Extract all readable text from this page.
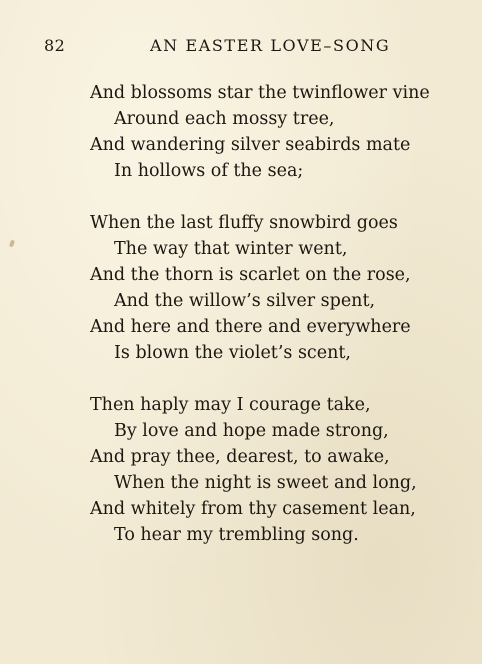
82	AN EASTER LOVE–SONG
And blossoms star the twinflower vine
Around each mossy tree,
And wandering silver seabirds mate
In hollows of the sea;
When the last fluffy snowbird goes
The way that winter went,
And the thorn is scarlet on the rose,
And the willow’s silver spent,
And here and there and everywhere
Is blown the violet’s scent,
Then haply may I courage take,
By love and hope made strong,
And pray thee, dearest, to awake,
When the night is sweet and long,
And whitely from thy casement lean,
To hear my trembling song.
